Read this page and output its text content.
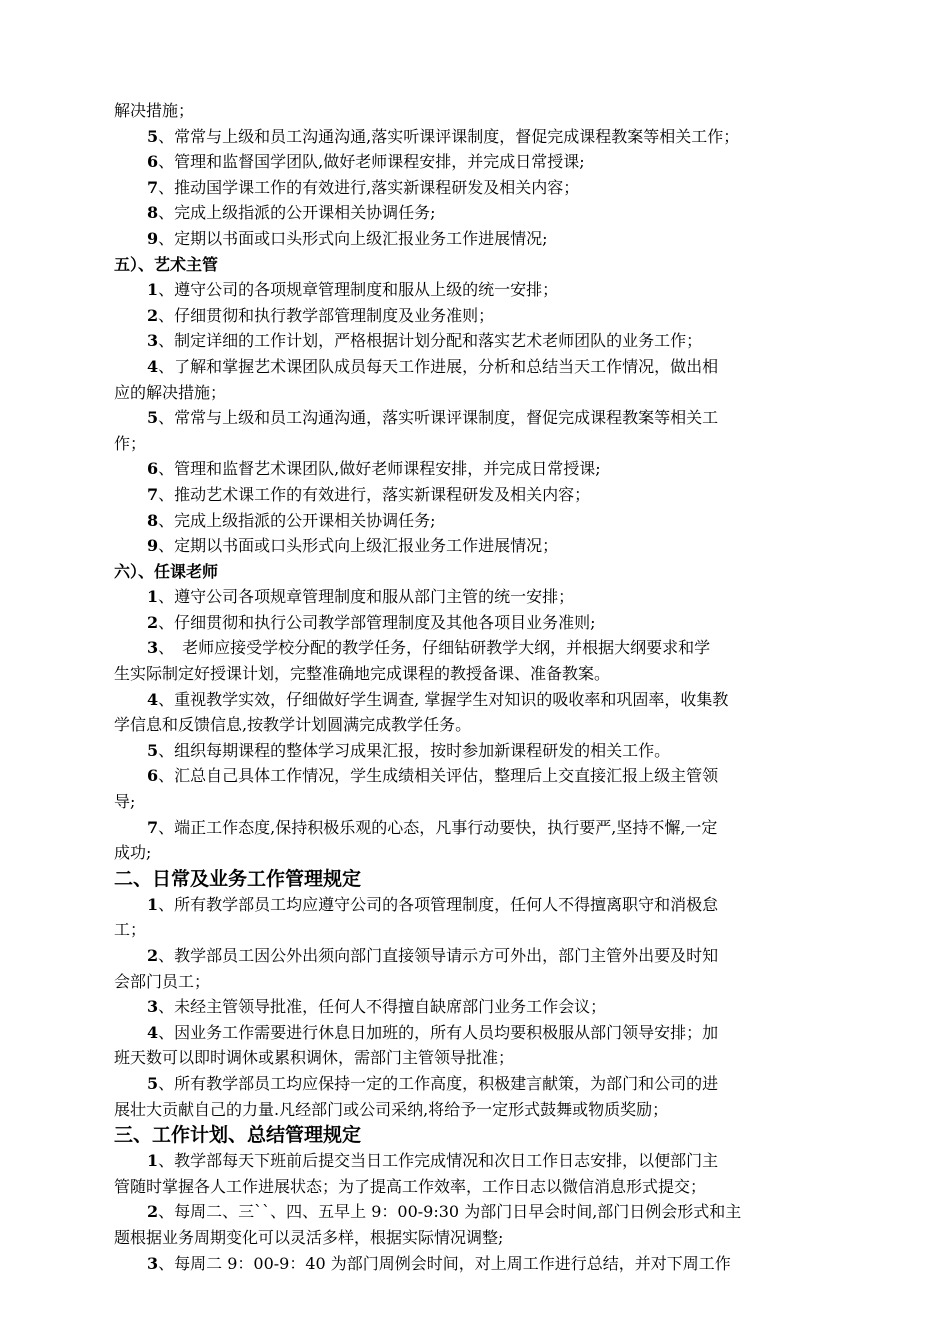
解决措施；

5、常常与上级和员工沟通沟通,落实听课评课制度，督促完成课程教案等相关工作；

6、管理和监督国学团队,做好老师课程安排，并完成日常授课;

7、推动国学课工作的有效进行,落实新课程研发及相关内容；

8、完成上级指派的公开课相关协调任务;

9、定期以书面或口头形式向上级汇报业务工作进展情况;

五）、艺术主管

1、遵守公司的各项规章管理制度和服从上级的统一安排；

2、仔细贯彻和执行教学部管理制度及业务准则；

3、制定详细的工作计划，严格根据计划分配和落实艺术老师团队的业务工作；

4、了解和掌握艺术课团队成员每天工作进展，分析和总结当天工作情况，做出相

应的解决措施；

5、常常与上级和员工沟通沟通，落实听课评课制度，督促完成课程教案等相关工

作；

6、管理和监督艺术课团队,做好老师课程安排，并完成日常授课;

7、推动艺术课工作的有效进行，落实新课程研发及相关内容；

8、完成上级指派的公开课相关协调任务;

9、定期以书面或口头形式向上级汇报业务工作进展情况；

六）、任课老师

1、遵守公司各项规章管理制度和服从部门主管的统一安排；

2、仔细贯彻和执行公司教学部管理制度及其他各项目业务准则;

3、　老师应接受学校分配的教学任务，仔细钻研教学大纲，并根据大纲要求和学

生实际制定好授课计划，完整准确地完成课程的教授备课、准备教案。

4、重视教学实效，仔细做好学生调查, 掌握学生对知识的吸收率和巩固率，收集教

学信息和反馈信息,按教学计划圆满完成教学任务。

5、组织每期课程的整体学习成果汇报，按时参加新课程研发的相关工作。

6、汇总自己具体工作情况，学生成绩相关评估，整理后上交直接汇报上级主管领

导;

7、端正工作态度,保持积极乐观的心态，凡事行动要快，执行要严,坚持不懈,一定

成功;

二、日常及业务工作管理规定

1、所有教学部员工均应遵守公司的各项管理制度，任何人不得擅离职守和消极怠

工；

2、教学部员工因公外出须向部门直接领导请示方可外出，部门主管外出要及时知

会部门员工；

3、未经主管领导批准，任何人不得擅自缺席部门业务工作会议；

4、因业务工作需要进行休息日加班的，所有人员均要积极服从部门领导安排；加

班天数可以即时调休或累积调休，需部门主管领导批准；

5、所有教学部员工均应保持一定的工作高度，积极建言献策，为部门和公司的进

展壮大贡献自己的力量.凡经部门或公司采纳,将给予一定形式鼓舞或物质奖励；

三、工作计划、总结管理规定

1、教学部每天下班前后提交当日工作完成情况和次日工作日志安排，以便部门主

管随时掌握各人工作进展状态；为了提高工作效率，工作日志以微信消息形式提交；

2、每周二、三``、四、五早上 9：00-9:30 为部门日早会时间,部门日例会形式和主

题根据业务周期变化可以灵活多样，根据实际情况调整;

3、每周二 9：00-9：40 为部门周例会时间，对上周工作进行总结，并对下周工作
